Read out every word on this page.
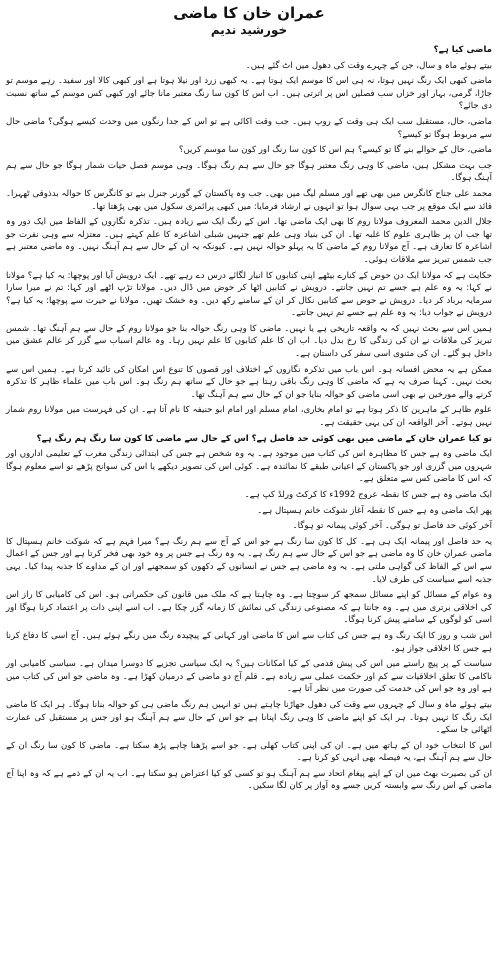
عمران خان کا ماضی
خورشید ندیم

ماضی کیا ہے؟

بیتے ہوئے ماہ و سال، جن کے چہرے وقت کی دھول میں اٹ گئے ہیں۔

ماضی کبھی ایک رنگ نہیں ہوتا، نہ ہی اس کا موسم ایک ہوتا ہے۔ یہ کبھی زرد اور نیلا ہوتا ہے اور کبھی کالا اور سفید۔ رہے موسم تو جاڑا، گرمی، بہار اور خزاں سب فصلیں اس پر اترتی ہیں۔ اب اس کا کون سا رنگ معتبر مانا جائے اور کبھی کس موسم کے ساتھ نسبت دی جائے؟

ماضی، حال، مستقبل سب ایک ہی وقت کے روپ ہیں۔ جب وقت اکائی ہے تو اس کے جدا رنگوں میں وحدت کیسے ہوگی؟ ماضی حال سے مربوط ہوگا تو کیسے؟

ماضی، حال کے حوالے بنے گا تو کیسے؟ ہم اس کا کون سا رنگ اور کون سا موسم کریں؟

جب بہت مشکل ہیں، ماضی کا وہی رنگ معتبر ہوگا جو حال سے ہم رنگ ہوگا۔ وہی موسم فصل حیات شمار ہوگا جو حال سے ہم آہنگ ہوگا۔

محمد علی جناح کانگرس میں بھی تھے اور مسلم لیگ میں بھی۔ جب وہ پاکستان کے گورنر جنرل بنے تو کانگرس کا حوالہ بدذوقی ٹھہرا۔ قائد سے ایک موقع پر جب یہی سوال ہوا تو انہوں نے ارشاد فرمایا: میں کبھی پرائمری سکول میں بھی پڑھتا تھا۔

جلال الدین محمد المعروف مولانا روم کا بھی ایک ماضی تھا۔ اس کے رنگ ایک سے زیادہ ہیں۔ تذکرہ نگاروں کے الفاظ میں ایک دور وہ تھا جب ان پر ظاہری علوم کا غلبہ تھا۔ ان کی بنیاد وہی علم تھے جنہیں شبلی اشاعرہ کا علم کہتے ہیں۔ معتزلہ سے وہی نفرت جو اشاعرہ کا تعارف ہے۔ آج مولانا روم کے ماضی کا یہ پہلو حوالہ نہیں ہے۔ کیونکہ یہ ان کے حال سے ہم آہنگ نہیں۔ وہ ماضی معتبر ہے جب شمس تبریز سے ملاقات ہوئی۔

حکایت ہے کہ مولانا ایک دن حوض کے کنارے بیٹھے اپنی کتابوں کا انبار لگائے درس دے رہے تھے۔ ایک درویش آیا اور پوچھا: یہ کیا ہے؟ مولانا نے کہا: یہ وہ علم ہے جسے تم نہیں جانتے۔ درویش نے کتابیں اٹھا کر حوض میں ڈال دیں۔ مولانا تڑپ اٹھے اور کہا: تم نے میرا سارا سرمایہ برباد کر دیا۔ درویش نے حوض سے کتابیں نکال کر ان کے سامنے رکھ دیں۔ وہ خشک تھیں۔ مولانا نے حیرت سے پوچھا: یہ کیا ہے؟ درویش نے جواب دیا: یہ وہ علم ہے جسے تم نہیں جانتے۔

ہمیں اس سے بحث نہیں کہ یہ واقعہ تاریخی ہے یا نہیں۔ ماضی کا وہی رنگ حوالہ بنا جو مولانا روم کے حال سے ہم آہنگ تھا۔ شمس تبریز کی ملاقات نے ان کی زندگی کا رخ بدل دیا۔ اب ان کا علم کتابوں کا علم نہیں رہا۔ وہ عالم اسباب سے گزر کر عالم عشق میں داخل ہو گئے۔ ان کی مثنوی اسی سفر کی داستان ہے۔

ممکن ہے یہ محض افسانہ ہو۔ اس باب میں تذکرہ نگاروں کے اختلاف اور قصوں کا تنوع اس امکان کی تائید کرتا ہے۔ ہمیں اس سے بحث نہیں۔ کہنا صرف یہ ہے کہ ماضی کا وہی رنگ باقی رہتا ہے جو حال کے ساتھ ہم رنگ ہو۔ اس باب میں علماء ظاہر کا تذکرہ کرنے والے مورخین نے بھی اسی ماضی کو حوالہ بنایا جو ان کے حال سے ہم آہنگ تھا۔

علوم ظاہر کے ماہرین کا ذکر ہوتا ہے تو امام بخاری، امام مسلم اور امام ابو حنیفہ کا نام آتا ہے۔ ان کی فہرست میں مولانا روم شمار نہیں ہوتے۔ آخر الواقعہ ان کی یہی حقیقت ہے۔

تو کیا عمران خان کے ماضی میں بھی کوئی حد فاصل ہے؟ اس کے حال سے ماضی کا کون سا رنگ ہم رنگ ہے؟

ایک ماضی وہ ہے جس کا مظاہرہ اس کی کتاب میں موجود ہے۔ یہ وہ شخص ہے جس کی ابتدائی زندگی مغرب کے تعلیمی اداروں اور شہروں میں گزری اور جو پاکستان کے اعیانی طبقے کا نمائندہ ہے۔ کوئی اس کی تصویر دیکھے یا اس کی سوانح پڑھے تو اسے معلوم ہوگا کہ اس کا ماضی کس سے متعلق ہے۔

ایک ماضی وہ ہے جس کا نقطہ عروج 1992ء کا کرکٹ ورلڈ کپ ہے۔

پھر ایک ماضی وہ ہے جس کا نقطہ آغاز شوکت خانم ہسپتال ہے۔

آخر کوئی حد فاصل تو ہوگی۔ آخر کوئی پیمانہ تو ہوگا۔

یہ حد فاصل اور پیمانہ ایک ہی ہے۔ کل کا کون سا رنگ ہے جو اس کے آج سے ہم رنگ ہے؟ میرا فہم ہے کہ شوکت خانم ہسپتال کا ماضی عمران خان کا وہ ماضی ہے جو اس کے حال سے ہم رنگ ہے۔ یہ وہ رنگ ہے جس پر وہ خود بھی فخر کرتا ہے اور جس کے اعمال سے اس کے الفاظ کی گواہی ملتی ہے۔ یہ وہ ماضی ہے جس نے انسانوں کے دکھوں کو سمجھنے اور ان کے مداوے کا جذبہ پیدا کیا۔ یہی جذبہ اسے سیاست کی طرف لایا۔

وہ عوام کے مسائل کو اپنے مسائل سمجھ کر سوچتا ہے۔ وہ چاہتا ہے کہ ملک میں قانون کی حکمرانی ہو۔ اس کی کامیابی کا راز اس کی اخلاقی برتری میں ہے۔ وہ جانتا ہے کہ مصنوعی زندگی کی نمائش کا زمانہ گزر چکا ہے۔ اب اسے اپنی ذات پر اعتماد کرنا ہوگا اور اسی کو لوگوں کے سامنے پیش کرنا ہوگا۔

اس شب و روز کا ایک رنگ وہ ہے جس کی کتاب سے اس کا ماضی اور کہانی کے پیچیدہ رنگ میں رنگے ہوئے ہیں۔ آج اسی کا دفاع کرنا ہے جس کا اخلاقی جواز ہو۔

سیاست کے پر پیچ راستے میں اس کی پیش قدمی کے کیا امکانات ہیں؟ یہ ایک سیاسی تجزیے کا دوسرا میدان ہے۔ سیاسی کامیابی اور ناکامی کا تعلق اخلاقیات سے کم اور حکمت عملی سے زیادہ ہے۔ قلم آج دو ماضی کے درمیان کھڑا ہے۔ وہ ماضی جو اس کی کتاب میں ہے اور وہ جو اس کی خدمت کی صورت میں نظر آتا ہے۔

بیتے ہوئے ماہ و سال کے چہروں سے وقت کی دھول جھاڑنا چاہتے ہیں تو انہیں ہم رنگ ماضی ہی کو حوالہ بنانا ہوگا۔ ہر ایک کا ماضی ایک رنگ کا نہیں ہوتا۔ ہر ایک کو اپنے ماضی کا وہی رنگ اپنانا ہے جو اس کے حال سے ہم آہنگ ہو اور جس پر مستقبل کی عمارت اٹھائی جا سکے۔

اس کا انتخاب خود ان کے ہاتھ میں ہے۔ ان کی اپنی کتاب کھلی ہے۔ جو اسے پڑھنا چاہے پڑھ سکتا ہے۔ ماضی کا کون سا رنگ ان کے حال سے ہم آہنگ ہے، یہ فیصلہ بھی انہی کو کرنا ہے۔

ان کی بصیرت بھٹ میں ان کے اپنے پیغام اتحاد سے ہم آہنگ ہو تو کسی کو کیا اعتراض ہو سکتا ہے۔ اب یہ ان کے ذمے ہے کہ وہ اپنا آج ماضی کے اس رنگ سے وابستہ کریں جسے وہ آواز پر کان لگا سکیں۔
